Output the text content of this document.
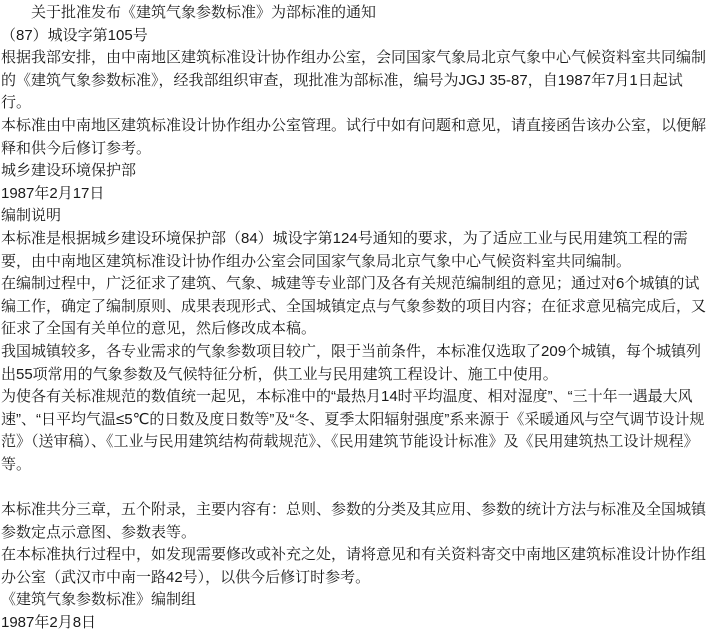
关于批准发布《建筑气象参数标准》为部标准的通知
（87）城设字第105号
根据我部安排，由中南地区建筑标准设计协作组办公室，会同国家气象局北京气象中心气候资料室共同编制的《建筑气象参数标准》，经我部组织审查，现批准为部标准，编号为JGJ 35-87，自1987年7月1日起试行。
本标准由中南地区建筑标准设计协作组办公室管理。试行中如有问题和意见，请直接函告该办公室，以便解释和供今后修订参考。
城乡建设环境保护部
1987年2月17日
编制说明
本标准是根据城乡建设环境保护部（84）城设字第124号通知的要求，为了适应工业与民用建筑工程的需要，由中南地区建筑标准设计协作组办公室会同国家气象局北京气象中心气候资料室共同编制。
在编制过程中，广泛征求了建筑、气象、城建等专业部门及各有关规范编制组的意见；通过对6个城镇的试编工作，确定了编制原则、成果表现形式、全国城镇定点与气象参数的项目内容；在征求意见稿完成后，又征求了全国有关单位的意见，然后修改成本稿。
我国城镇较多，各专业需求的气象参数项目较广，限于当前条件，本标准仅选取了209个城镇，每个城镇列出55项常用的气象参数及气候特征分析，供工业与民用建筑工程设计、施工中使用。
为使各有关标准规范的数值统一起见，本标准中的“最热月14时平均温度、相对湿度”、“三十年一遇最大风速”、“日平均气温≤5℃的日数及度日数等”及“冬、夏季太阳辐射强度”系来源于《采暖通风与空气调节设计规范》（送审稿）、《工业与民用建筑结构荷载规范》、《民用建筑节能设计标准》及《民用建筑热工设计规程》等。
本标准共分三章，五个附录，主要内容有：总则、参数的分类及其应用、参数的统计方法与标准及全国城镇参数定点示意图、参数表等。
在本标准执行过程中，如发现需要修改或补充之处，请将意见和有关资料寄交中南地区建筑标准设计协作组办公室（武汉市中南一路42号），以供今后修订时参考。
《建筑气象参数标准》编制组
1987年2月8日
